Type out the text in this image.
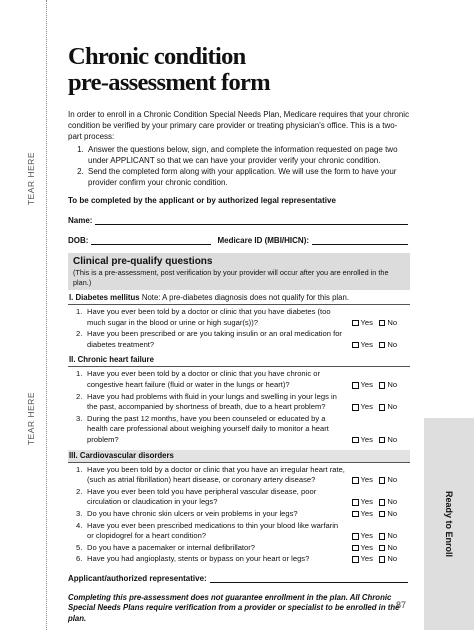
TEAR HERE
TEAR HERE
Ready to Enroll
Chronic condition
pre-assessment form

In order to enroll in a Chronic Condition Special Needs Plan, Medicare requires that your chronic condition be verified by your primary care provider or treating physician's office. This is a two-part process:

1. Answer the questions below, sign, and complete the information requested on page two under APPLICANT so that we can have your provider verify your chronic condition.
2. Send the completed form along with your application. We will use the form to have your provider confirm your chronic condition.

To be completed by the applicant or by authorized legal representative

Name:
DOB:	Medicare ID (MBI/HICN):
Clinical pre-qualify questions
(This is a pre-assessment, post verification by your provider will occur after you are enrolled in the plan.)
I. Diabetes mellitus Note: A pre-diabetes diagnosis does not qualify for this plan.
1. Have you ever been told by a doctor or clinic that you have diabetes (too much sugar in the blood or urine or high sugar(s))?	Yes No
2. Have you been prescribed or are you taking insulin or an oral medication for diabetes treatment?	Yes No
II. Chronic heart failure
1. Have you ever been told by a doctor or clinic that you have chronic or congestive heart failure (fluid or water in the lungs or heart)?	Yes No
2. Have you had problems with fluid in your lungs and swelling in your legs in the past, accompanied by shortness of breath, due to a heart problem?	Yes No
3. During the past 12 months, have you been counseled or educated by a health care professional about weighing yourself daily to monitor a heart problem?	Yes No
III. Cardiovascular disorders
1. Have you been told by a doctor or clinic that you have an irregular heart rate, (such as atrial fibrillation) heart disease, or coronary artery disease?	Yes No
2. Have you ever been told you have peripheral vascular disease, poor circulation or claudication in your legs?	Yes No
3. Do you have chronic skin ulcers or vein problems in your legs?	Yes No
4. Have you ever been prescribed medications to thin your blood like warfarin or clopidogrel for a heart condition?	Yes No
5. Do you have a pacemaker or internal defibrillator?	Yes No
6. Have you had angioplasty, stents or bypass on your heart or legs?	Yes No
Applicant/authorized representative:

Completing this pre-assessment does not guarantee enrollment in the plan. All Chronic Special Needs Plans require verification from a provider or specialist to be enrolled in the plan.

87
